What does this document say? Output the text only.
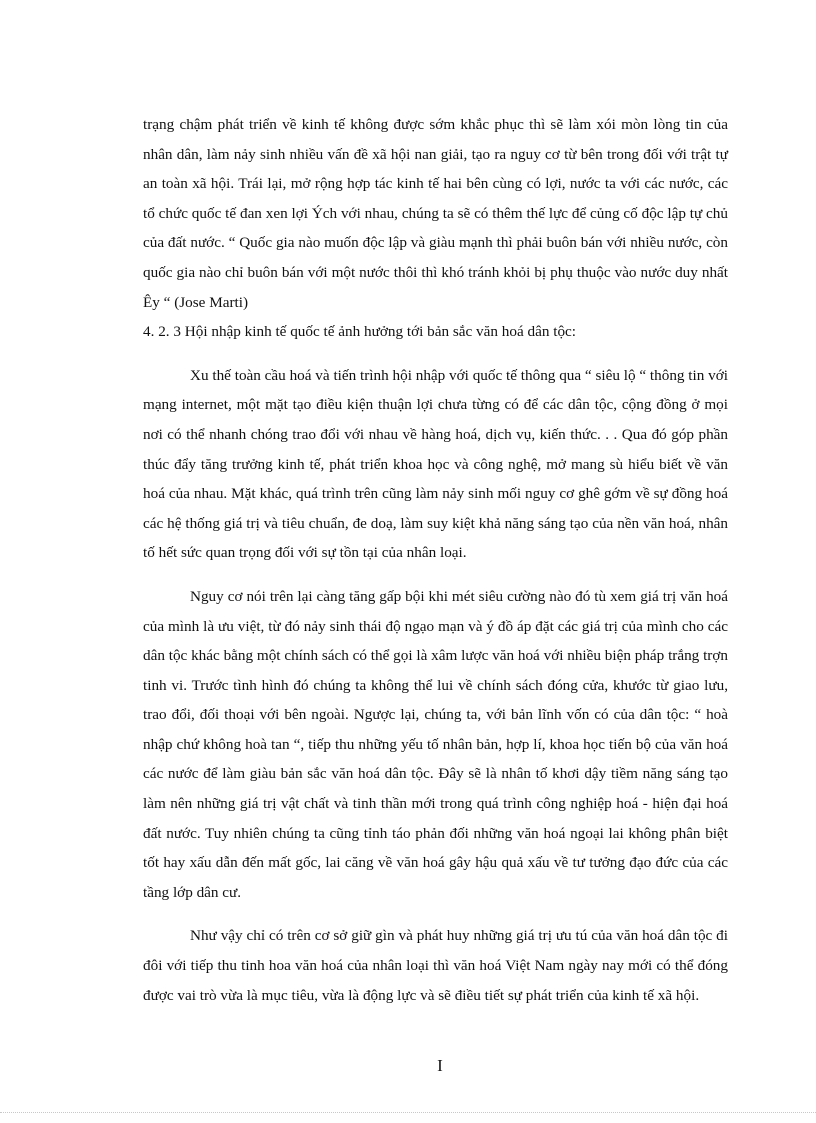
trạng chậm phát triển về kinh tế không được sớm khắc phục thì sẽ làm xói mòn lòng tin của nhân dân, làm nảy sinh nhiều vấn đề xã hội nan giải, tạo ra nguy cơ từ bên trong đối với trật tự an toàn xã hội. Trái lại, mở rộng hợp tác kinh tế hai bên cùng có lợi, nước ta với các nước, các tổ chức quốc tế đan xen lợi Ých với nhau, chúng ta sẽ có thêm thế lực để củng cố độc lập tự chủ của đất nước. “ Quốc gia nào muốn độc lập và giàu mạnh thì phải buôn bán với nhiều nước, còn quốc gia nào chỉ buôn bán với một nước thôi thì khó tránh khỏi bị phụ thuộc vào nước duy nhất Êy “ (Jose Marti)

4. 2. 3 Hội nhập kinh tế quốc tế ảnh hưởng tới bản sắc văn hoá dân tộc:

Xu thế toàn cầu hoá và tiến trình hội nhập với quốc tế thông qua “ siêu lộ “ thông tin với mạng internet, một mặt tạo điều kiện thuận lợi chưa từng có để các dân tộc, cộng đồng ở mọi nơi có thể nhanh chóng trao đổi với nhau về hàng hoá, dịch vụ, kiến thức. . . Qua đó góp phần thúc đẩy tăng trưởng kinh tế, phát triển khoa học và công nghệ, mở mang sù hiểu biết về văn hoá của nhau. Mặt khác, quá trình trên cũng làm nảy sinh mối nguy cơ ghê gớm về sự đồng hoá các hệ thống giá trị và tiêu chuẩn, đe doạ, làm suy kiệt khả năng sáng tạo của nền văn hoá, nhân tố hết sức quan trọng đối với sự tồn tại của nhân loại.

Nguy cơ nói trên lại càng tăng gấp bội khi mét siêu cường nào đó tù xem giá trị văn hoá của mình là ưu việt, từ đó nảy sinh thái độ ngạo mạn và ý đồ áp đặt các giá trị của mình cho các dân tộc khác bằng một chính sách có thể gọi là xâm lược văn hoá với nhiều biện pháp trắng trợn tinh vi. Trước tình hình đó chúng ta không thể lui về chính sách đóng cửa, khước từ giao lưu, trao đổi, đối thoại với bên ngoài. Ngược lại, chúng ta, với bản lĩnh vốn có của dân tộc: “ hoà nhập chứ không hoà tan “, tiếp thu những yếu tố nhân bản, hợp lí, khoa học tiến bộ của văn hoá các nước để làm giàu bản sắc văn hoá dân tộc. Đây sẽ là nhân tố khơi dậy tiềm năng sáng tạo làm nên những giá trị vật chất và tinh thần mới trong quá trình công nghiệp hoá - hiện đại hoá đất nước. Tuy nhiên chúng ta cũng tỉnh táo phản đối những văn hoá ngoại lai không phân biệt tốt hay xấu dẫn đến mất gốc, lai căng về văn hoá gây hậu quả xấu về tư tưởng đạo đức của các tầng lớp dân cư.

Như vậy chỉ có trên cơ sở giữ gìn và phát huy những giá trị ưu tú của văn hoá dân tộc đi đôi với tiếp thu tinh hoa văn hoá của nhân loại thì văn hoá Việt Nam ngày nay mới có thể đóng được vai trò vừa là mục tiêu, vừa là động lực và sẽ điều tiết sự phát triển của kinh tế xã hội.

I
